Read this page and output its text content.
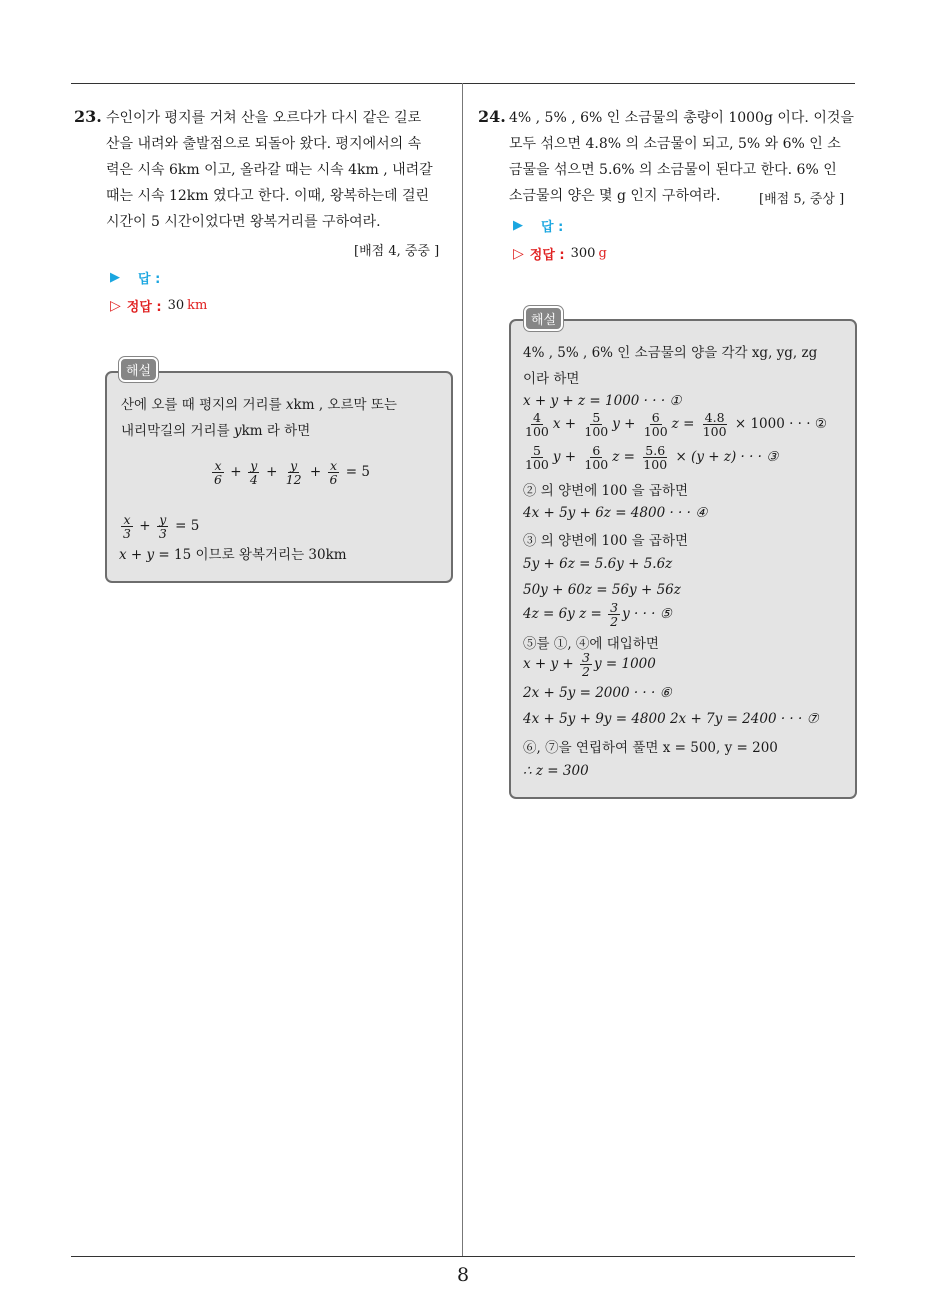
8
23. 수인이가 평지를 거쳐 산을 오르다가 다시 같은 길로
산을 내려와 출발점으로 되돌아 왔다. 평지에서의 속
력은 시속 6km 이고, 올라갈 때는 시속 4km , 내려갈
때는 시속 12km 였다고 한다. 이때, 왕복하는데 걸린
시간이 5 시간이었다면 왕복거리를 구하여라.
[배점 4, 중중 ]
▶ 답 :
▷ 정답 : 30 km
산에 오를 때 평지의 거리를 xkm , 오르막 또는
내리막길의 거리를 ykm 라 하면
$\frac{x}{6} + \frac{y}{4} + \frac{y}{12} + \frac{x}{6} = 5$
$\frac{x}{3} + \frac{y}{3} = 5$
x + y = 15 이므로 왕복거리는 30km
해설
24. 4% , 5% , 6% 인 소금물의 총량이 1000g 이다. 이것을
모두 섞으면 4.8% 의 소금물이 되고, 5% 와 6% 인 소
금물을 섞으면 5.6% 의 소금물이 된다고 한다. 6% 인
소금물의 양은 몇 g 인지 구하여라.	[배점 5, 중상 ]
▶ 답 :
▷ 정답 : 300 g
4% , 5% , 6% 인 소금물의 양을 각각 xg, yg, zg
이라 하면
x + y + z = 1000 · · · ①
$\frac{4}{100}$ $x + \frac{5}{100}$ $y + \frac{6}{100}$ $z = \frac{4.8}{100} \times 1000$ · · · ②
$\frac{5}{100}$ $y + \frac{6}{100}$ $z = \frac{5.6}{100} \times (y + z)$ · · · ③
② 의 양변에 100 을 곱하면
4x + 5y + 6z = 4800 · · · ④
③ 의 양변에 100 을 곱하면
5y + 6z = 5.6y + 5.6z
50y + 60z = 56y + 56z
4z = 6y $z = \frac{3}{2}$ y · · · ⑤
⑤를 ①, ④에 대입하면
$x + y + \frac{3}{2}$ y = 1000
2x + 5y = 2000 · · · ⑥
4x + 5y + 9y = 4800 2x + 7y = 2400 · · · ⑦
⑥, ⑦을 연립하여 풀면 x = 500, y = 200
∴ z = 300
해설
